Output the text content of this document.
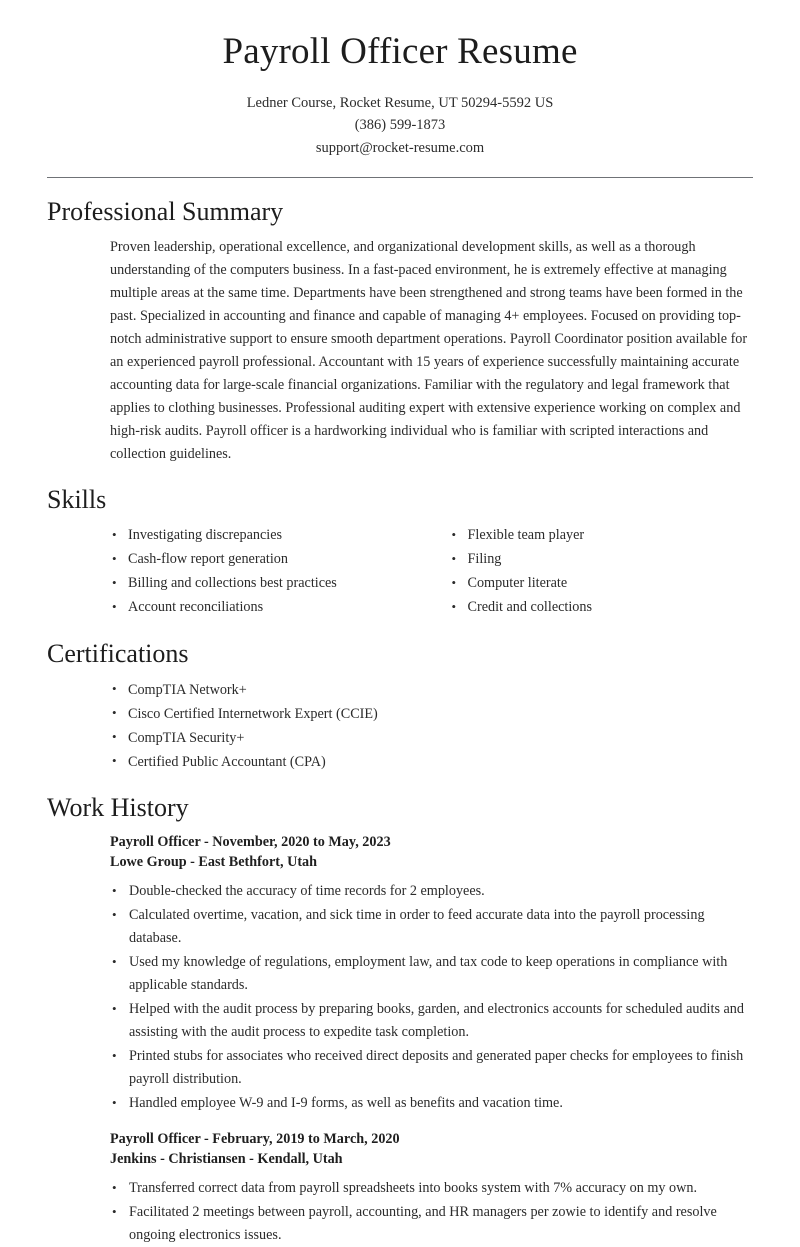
Payroll Officer Resume

Ledner Course, Rocket Resume, UT 50294-5592 US

(386) 599-1873

support@rocket-resume.com

Professional Summary

Proven leadership, operational excellence, and organizational development skills, as well as a thorough understanding of the computers business. In a fast-paced environment, he is extremely effective at managing multiple areas at the same time. Departments have been strengthened and strong teams have been formed in the past. Specialized in accounting and finance and capable of managing 4+ employees. Focused on providing top-notch administrative support to ensure smooth department operations. Payroll Coordinator position available for an experienced payroll professional. Accountant with 15 years of experience successfully maintaining accurate accounting data for large-scale financial organizations. Familiar with the regulatory and legal framework that applies to clothing businesses. Professional auditing expert with extensive experience working on complex and high-risk audits. Payroll officer is a hardworking individual who is familiar with scripted interactions and collection guidelines.

Skills
• Investigating discrepancies
• Cash-flow report generation
• Billing and collections best practices
• Account reconciliations
• Flexible team player
• Filing
• Computer literate
• Credit and collections
Certifications
• CompTIA Network+
• Cisco Certified Internetwork Expert (CCIE)
• CompTIA Security+
• Certified Public Accountant (CPA)
Work History
Payroll Officer - November, 2020 to May, 2023
Lowe Group - East Bethfort, Utah
• Double-checked the accuracy of time records for 2 employees.
• Calculated overtime, vacation, and sick time in order to feed accurate data into the payroll processing database.
• Used my knowledge of regulations, employment law, and tax code to keep operations in compliance with applicable standards.
• Helped with the audit process by preparing books, garden, and electronics accounts for scheduled audits and assisting with the audit process to expedite task completion.
• Printed stubs for associates who received direct deposits and generated paper checks for employees to finish payroll distribution.
• Handled employee W-9 and I-9 forms, as well as benefits and vacation time.
Payroll Officer - February, 2019 to March, 2020
Jenkins - Christiansen - Kendall, Utah
• Transferred correct data from payroll spreadsheets into books system with 7% accuracy on my own.
• Facilitated 2 meetings between payroll, accounting, and HR managers per zowie to identify and resolve ongoing electronics issues.
